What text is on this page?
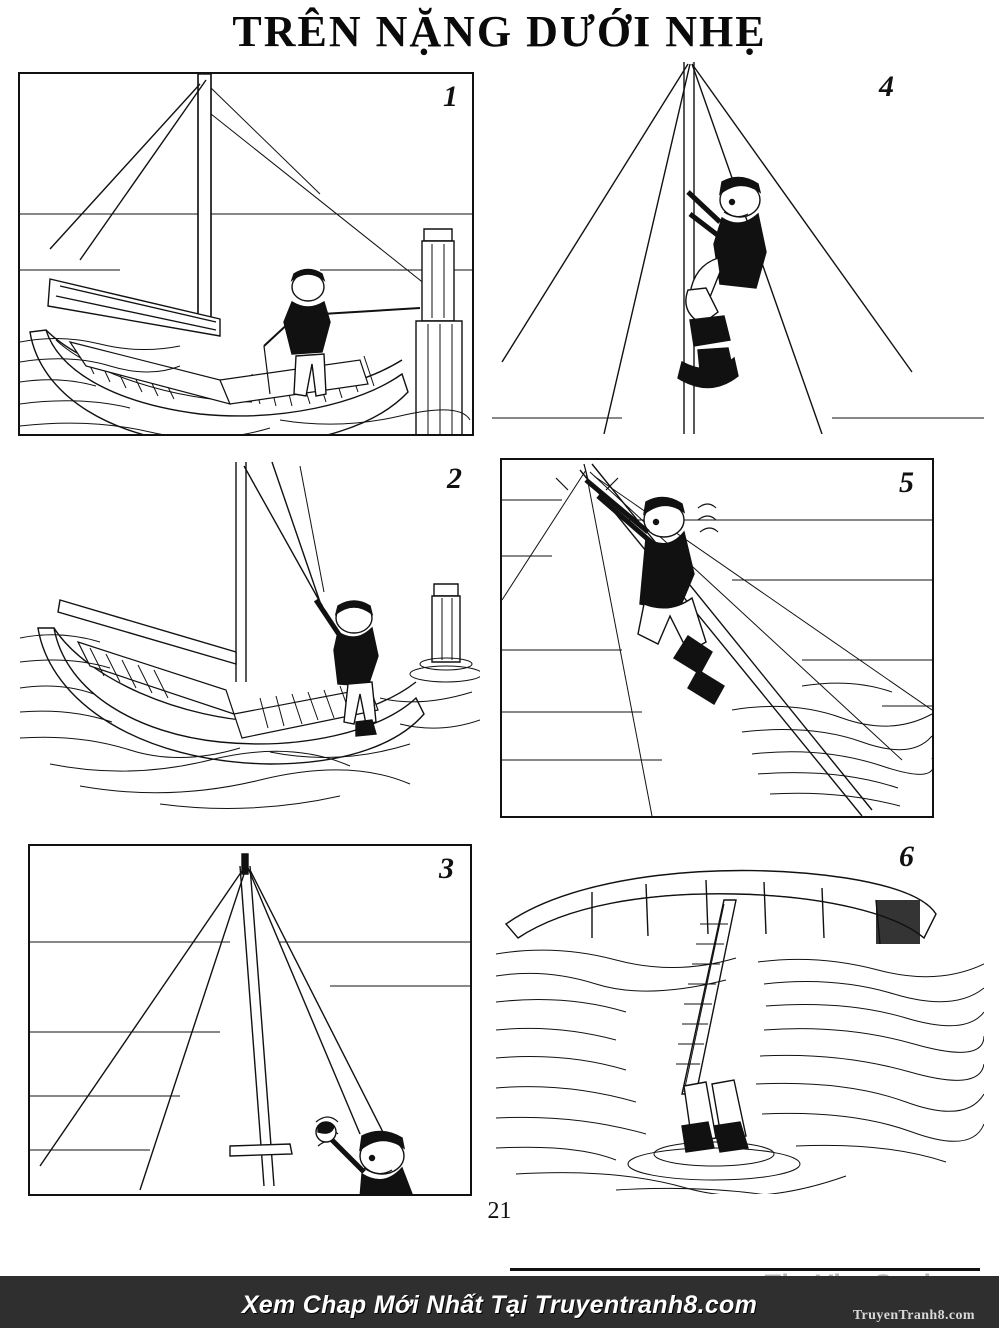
TRÊN NẶNG DƯỚI NHẸ
1	4
2	5
3	6
21
Xem Chap Mới Nhất Tại Truyentranh8.com	TruyenTranh8.com
